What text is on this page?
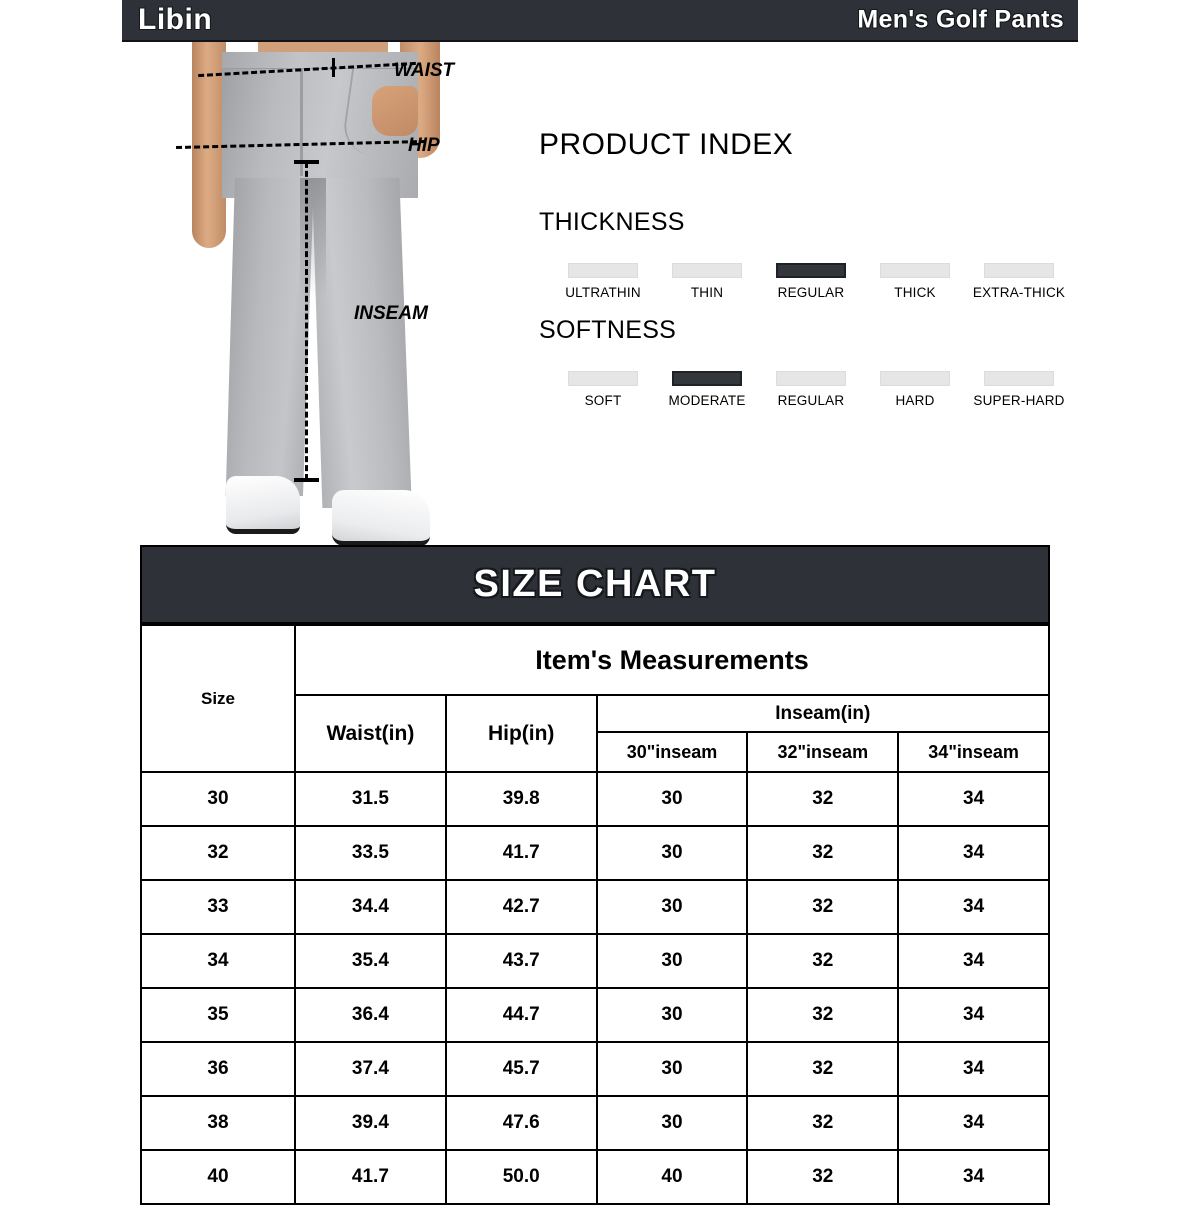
Libin	Men's Golf Pants
WAIST
HIP
INSEAM
PRODUCT INDEX
THICKNESS
ULTRATHIN	THIN	REGULAR	THICK	EXTRA-THICK
SOFTNESS
SOFT	MODERATE REGULAR	HARD	SUPER-HARD
SIZE CHART
Size	Item's Measurements				
	Waist(in)	Hip(in)	Inseam(in)		
			30"inseam	32"inseam	34"inseam
30	31.5	39.8	30	32	34
32	33.5	41.7	30	32	34
33	34.4	42.7	30	32	34
34	35.4	43.7	30	32	34
35	36.4	44.7	30	32	34
36	37.4	45.7	30	32	34
38	39.4	47.6	30	32	34
40	41.7	50.0	40	32	34
